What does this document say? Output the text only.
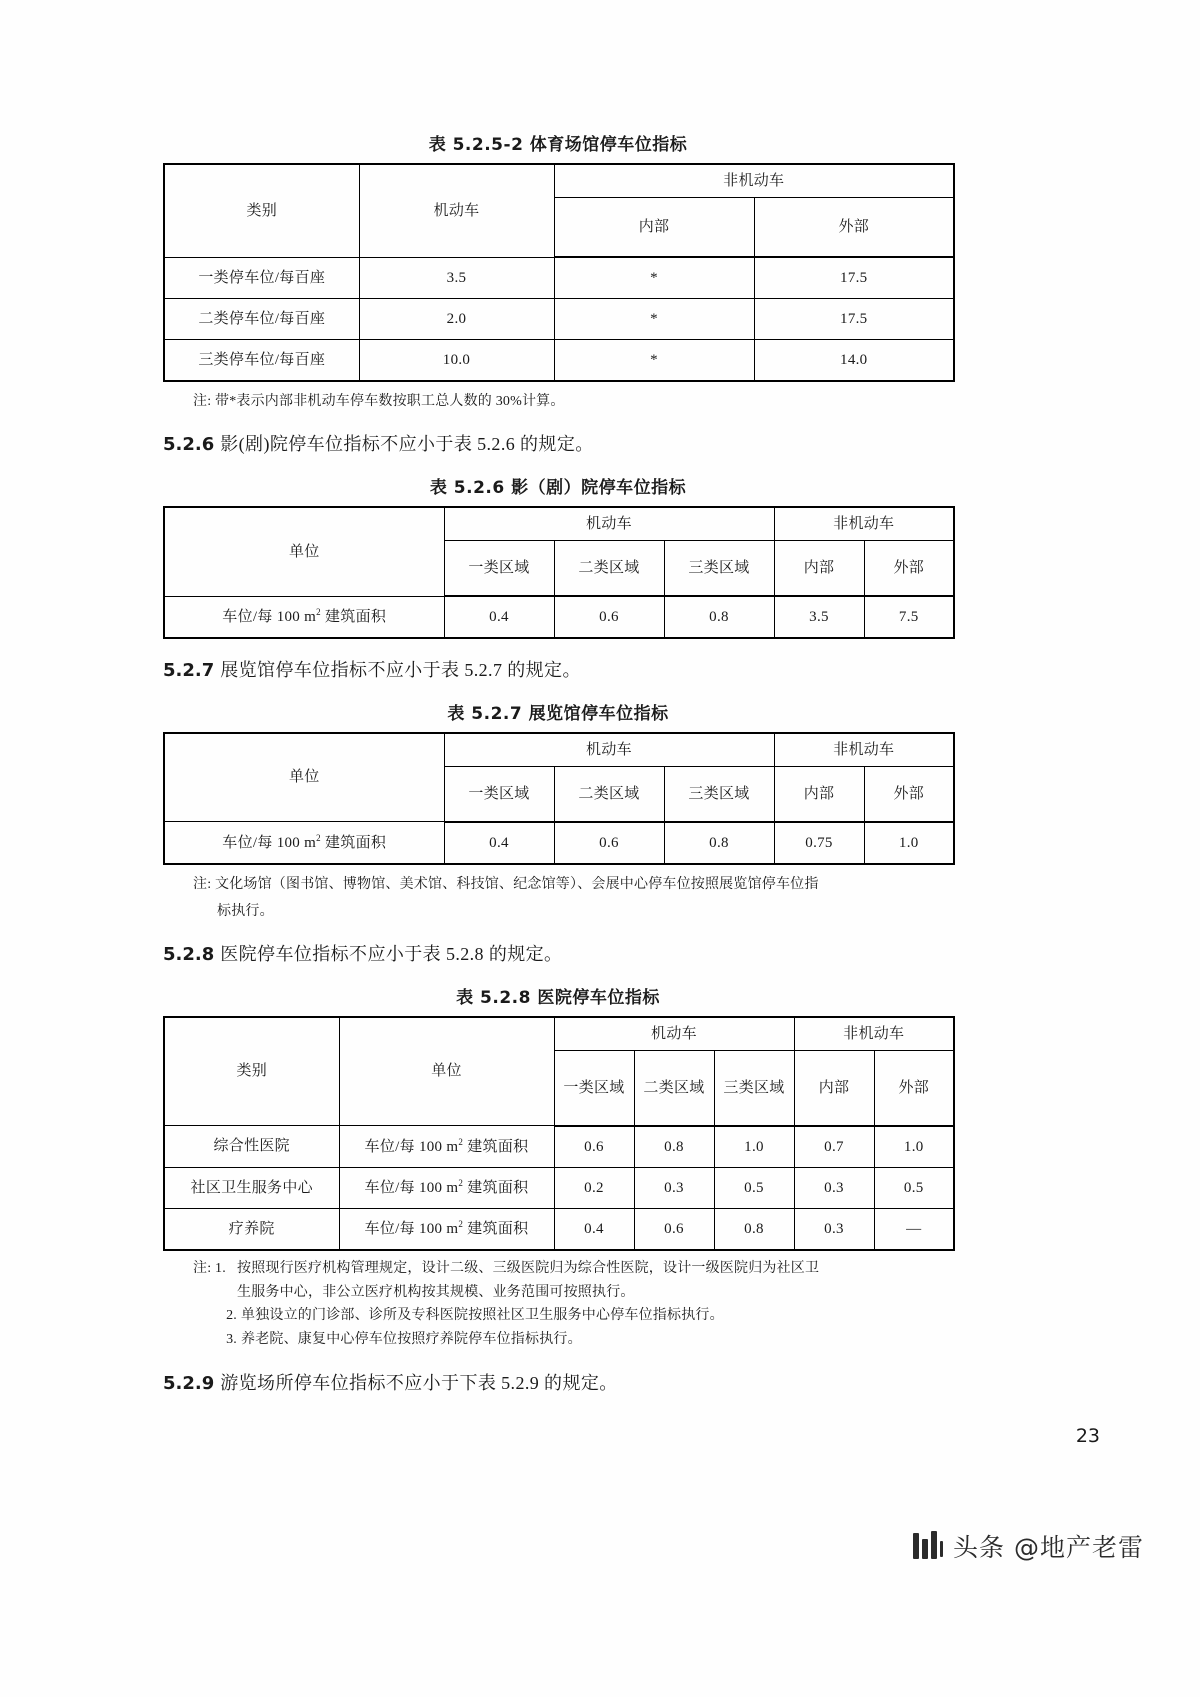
表 5.2.5-2 体育场馆停车位指标
类别	机动车	非机动车	
		内部	外部
一类停车位/每百座	3.5	*	17.5
二类停车位/每百座	2.0	*	17.5
三类停车位/每百座	10.0	*	14.0
注: 带*表示内部非机动车停车数按职工总人数的 30%计算。

5.2.6 影(剧)院停车位指标不应小于表 5.2.6 的规定。

表 5.2.6 影（剧）院停车位指标
单位	机动车			非机动车	
	一类区域	二类区域	三类区域	内部	外部
车位/每 100 $m^2$ 建筑面积	0.4	0.6	0.8	3.5	7.5

5.2.7 展览馆停车位指标不应小于表 5.2.7 的规定。

表 5.2.7 展览馆停车位指标
单位	机动车			非机动车	
	一类区域	二类区域	三类区域	内部	外部
车位/每 100 $m^2$ 建筑面积	0.4	0.6	0.8	0.75	1.0
注: 文化场馆（图书馆、博物馆、美术馆、科技馆、纪念馆等）、会展中心停车位按照展览馆停车位指
标执行。

5.2.8 医院停车位指标不应小于表 5.2.8 的规定。

表 5.2.8 医院停车位指标
类别	单位	机动车			非机动车	
		一类区域	二类区域	三类区域	内部	外部
综合性医院	车位/每 100 $m^2$ 建筑面积	0.6	0.8	1.0	0.7	1.0
社区卫生服务中心	车位/每 100 $m^2$ 建筑面积	0.2	0.3	0.5	0.3	0.5
疗养院	车位/每 100 $m^2$ 建筑面积	0.4	0.6	0.8	0.3	—
注: 1. 按照现行医疗机构管理规定，设计二级、三级医院归为综合性医院，设计一级医院归为社区卫
生服务中心，非公立医疗机构按其规模、业务范围可按照执行。
2. 单独设立的门诊部、诊所及专科医院按照社区卫生服务中心停车位指标执行。
3. 养老院、康复中心停车位按照疗养院停车位指标执行。

5.2.9 游览场所停车位指标不应小于下表 5.2.9 的规定。

23
头条 @地产老雷
